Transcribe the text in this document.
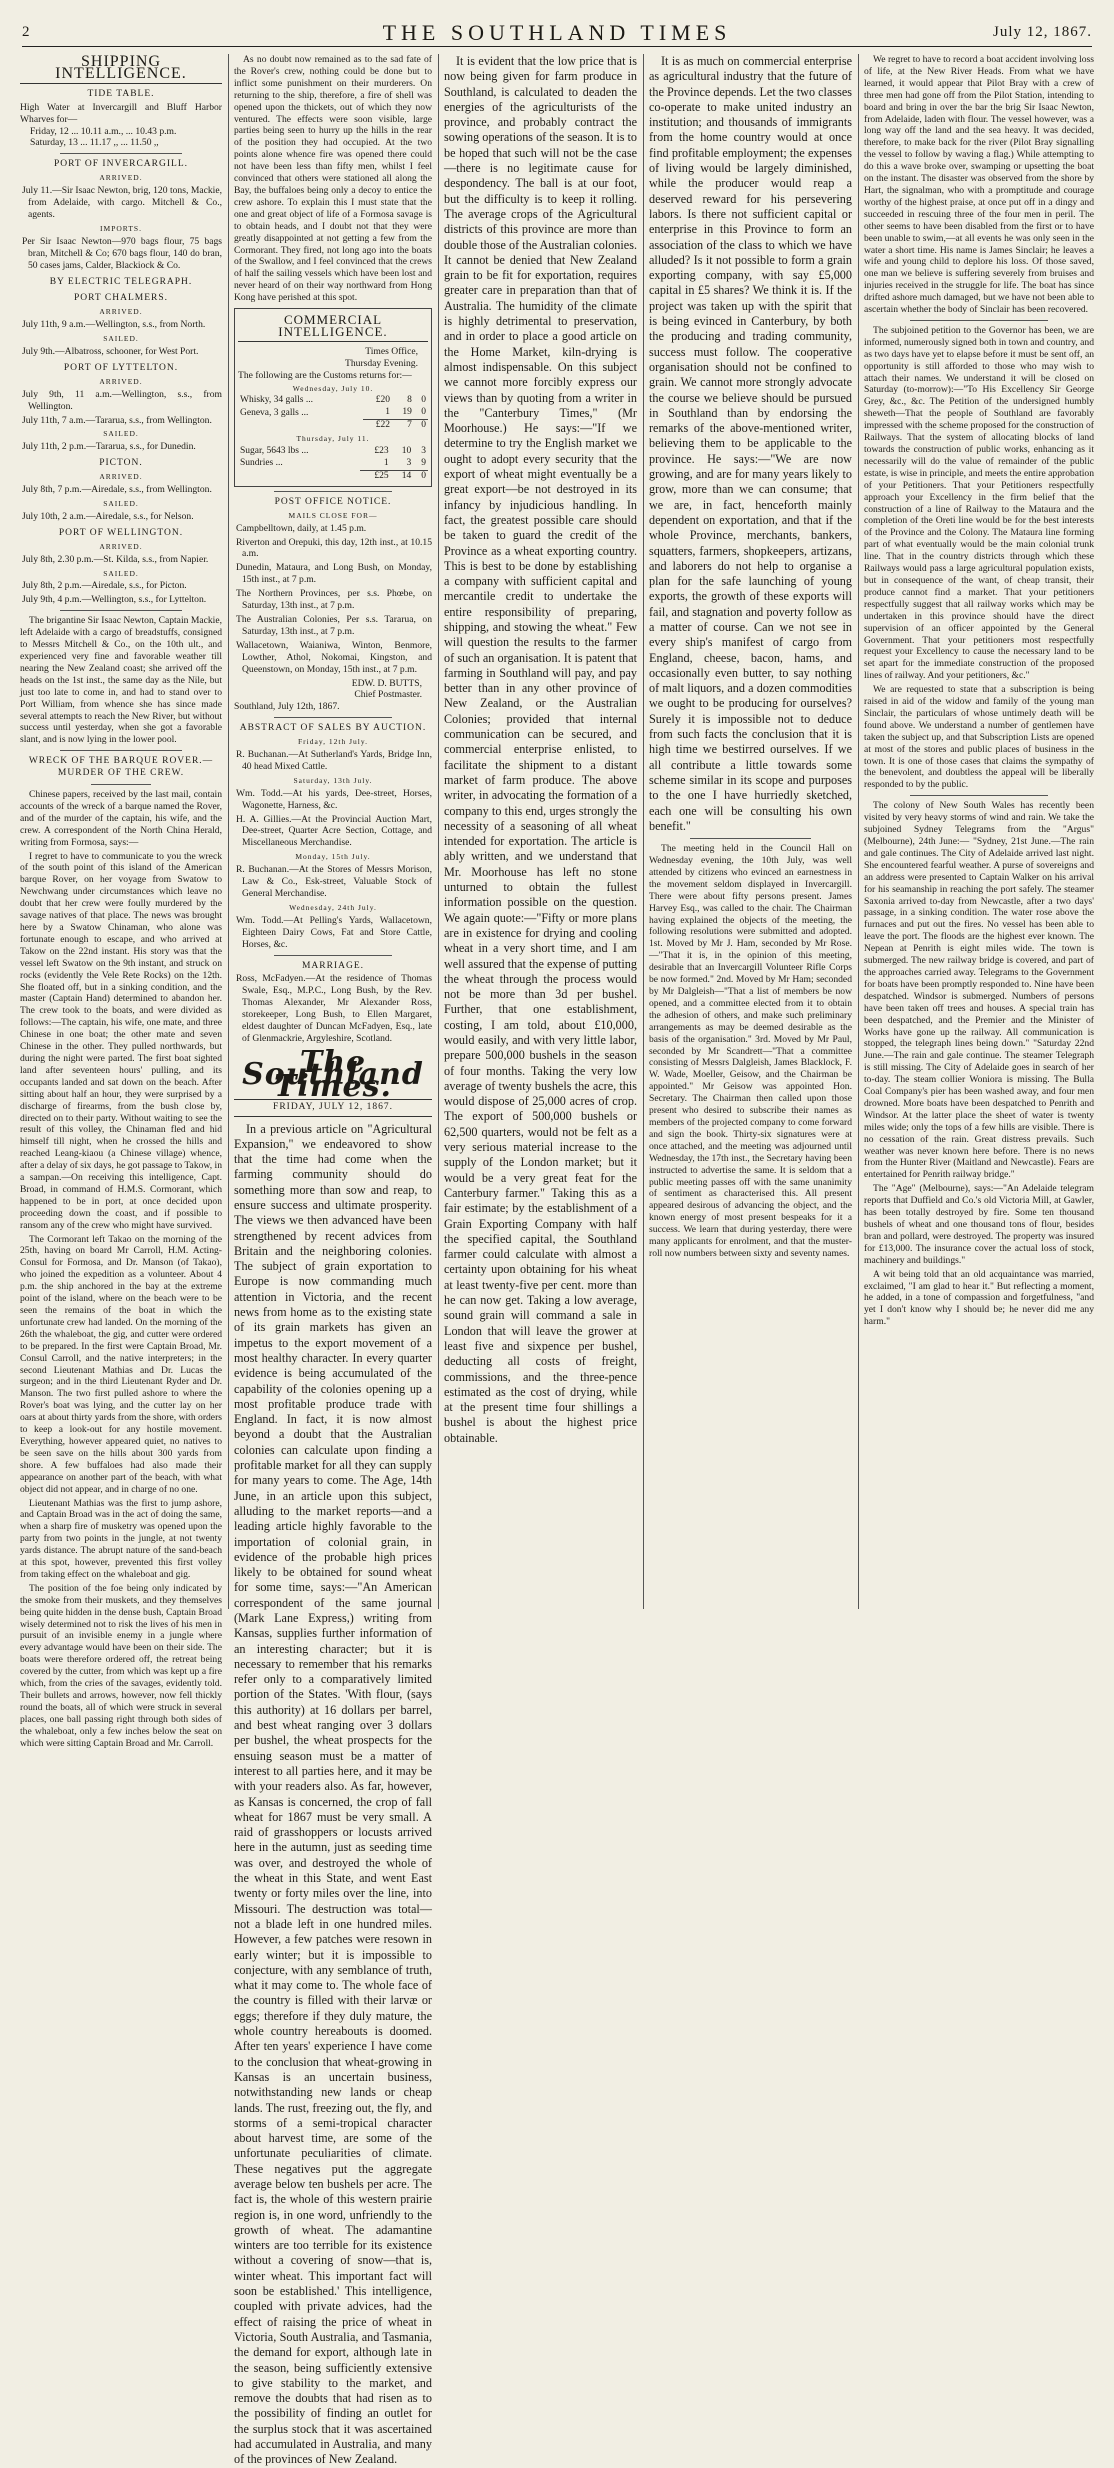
2	THE SOUTHLAND TIMES	July 12, 1867.
SHIPPING INTELLIGENCE.
TIDE TABLE.
High Water at Invercargill and Bluff Harbor Wharves for—
Friday, 12 ... 10.11 a.m., ... 10.43 p.m.
Saturday, 13 ... 11.17 ,, ... 11.50 ,,
PORT OF INVERCARGILL.
ARRIVED.
July 11.—Sir Isaac Newton, brig, 120 tons, Mackie, from Adelaide, with cargo. Mitchell & Co., agents.
IMPORTS.
Per Sir Isaac Newton—970 bags flour, 75 bags bran, Mitchell & Co; 670 bags flour, 140 do bran, 50 cases jams, Calder, Blackiock & Co.
BY ELECTRIC TELEGRAPH.
PORT CHALMERS.
ARRIVED.
July 11th, 9 a.m.—Wellington, s.s., from North.
SAILED.
July 9th.—Albatross, schooner, for West Port.
PORT OF LYTTELTON.
ARRIVED.
July 9th, 11 a.m.—Wellington, s.s., from Wellington.
July 11th, 7 a.m.—Tararua, s.s., from Wellington.
SAILED.
July 11th, 2 p.m.—Tararua, s.s., for Dunedin.
PICTON.
ARRIVED.
July 8th, 7 p.m.—Airedale, s.s., from Wellington.
SAILED.
July 10th, 2 a.m.—Airedale, s.s., for Nelson.
PORT OF WELLINGTON.
ARRIVED.
July 8th, 2.30 p.m.—St. Kilda, s.s., from Napier.
SAILED.
July 8th, 2 p.m.—Airedale, s.s., for Picton.
July 9th, 4 p.m.—Wellington, s.s., for Lyttelton.

The brigantine Sir Isaac Newton, Captain Mackie, left Adelaide with a cargo of breadstuffs, consigned to Messrs Mitchell & Co., on the 10th ult., and experienced very fine and favorable weather till nearing the New Zealand coast; she arrived off the heads on the 1st inst., the same day as the Nile, but just too late to come in, and had to stand over to Port William, from whence she has since made several attempts to reach the New River, but without success until yesterday, when she got a favorable slant, and is now lying in the lower pool.

WRECK OF THE BARQUE ROVER.—MURDER OF THE CREW.

Chinese papers, received by the last mail, contain accounts of the wreck of a barque named the Rover, and of the murder of the captain, his wife, and the crew. A correspondent of the North China Herald, writing from Formosa, says:—

I regret to have to communicate to you the wreck of the south point of this island of the American barque Rover, on her voyage from Swatow to Newchwang under circumstances which leave no doubt that her crew were foully murdered by the savage natives of that place. The news was brought here by a Swatow Chinaman, who alone was fortunate enough to escape, and who arrived at Takow on the 22nd instant. His story was that the vessel left Swatow on the 9th instant, and struck on rocks (evidently the Vele Rete Rocks) on the 12th. She floated off, but in a sinking condition, and the master (Captain Hand) determined to abandon her. The crew took to the boats, and were divided as follows:—The captain, his wife, one mate, and three Chinese in one boat; the other mate and seven Chinese in the other. They pulled northwards, but during the night were parted. The first boat sighted land after seventeen hours' pulling, and its occupants landed and sat down on the beach. After sitting about half an hour, they were surprised by a discharge of firearms, from the bush close by, directed on to their party. Without waiting to see the result of this volley, the Chinaman fled and hid himself till night, when he crossed the hills and reached Leang-kiaou (a Chinese village) whence, after a delay of six days, he got passage to Takow, in a sampan.—On receiving this intelligence, Capt. Broad, in command of H.M.S. Cormorant, which happened to be in port, at once decided upon proceeding down the coast, and if possible to ransom any of the crew who might have survived.

The Cormorant left Takao on the morning of the 25th, having on board Mr Carroll, H.M. Acting-Consul for Formosa, and Dr. Manson (of Takao), who joined the expedition as a volunteer. About 4 p.m. the ship anchored in the bay at the extreme point of the island, where on the beach were to be seen the remains of the boat in which the unfortunate crew had landed. On the morning of the 26th the whaleboat, the gig, and cutter were ordered to be prepared. In the first were Captain Broad, Mr. Consul Carroll, and the native interpreters; in the second Lieutenant Mathias and Dr. Lucas the surgeon; and in the third Lieutenant Ryder and Dr. Manson. The two first pulled ashore to where the Rover's boat was lying, and the cutter lay on her oars at about thirty yards from the shore, with orders to keep a look-out for any hostile movement. Everything, however appeared quiet, no natives to be seen save on the hills about 300 yards from shore. A few buffaloes had also made their appearance on another part of the beach, with what object did not appear, and in charge of no one.

Lieutenant Mathias was the first to jump ashore, and Captain Broad was in the act of doing the same, when a sharp fire of musketry was opened upon the party from two points in the jungle, at not twenty yards distance. The abrupt nature of the sand-beach at this spot, however, prevented this first volley from taking effect on the whaleboat and gig.

The position of the foe being only indicated by the smoke from their muskets, and they themselves being quite hidden in the dense bush, Captain Broad wisely determined not to risk the lives of his men in pursuit of an invisible enemy in a jungle where every advantage would have been on their side. The boats were therefore ordered off, the retreat being covered by the cutter, from which was kept up a fire which, from the cries of the savages, evidently told. Their bullets and arrows, however, now fell thickly round the boats, all of which were struck in several places, one ball passing right through both sides of the whaleboat, only a few inches below the seat on which were sitting Captain Broad and Mr. Carroll.

As no doubt now remained as to the sad fate of the Rover's crew, nothing could be done but to inflict some punishment on their murderers. On returning to the ship, therefore, a fire of shell was opened upon the thickets, out of which they now ventured. The effects were soon visible, large parties being seen to hurry up the hills in the rear of the position they had occupied. At the two points alone whence fire was opened there could not have been less than fifty men, whilst I feel convinced that others were stationed all along the Bay, the buffaloes being only a decoy to entice the crew ashore. To explain this I must state that the one and great object of life of a Formosa savage is to obtain heads, and I doubt not that they were greatly disappointed at not getting a few from the Cormorant. They fired, not long ago into the boats of the Swallow, and I feel convinced that the crews of half the sailing vessels which have been lost and never heard of on their way northward from Hong Kong have perished at this spot.

COMMERCIAL INTELLIGENCE.
Times Office,
Thursday Evening.
The following are the Customs returns for:—
Wednesday, July 10.
Whisky, 34 galls ...	£20	8	0
Geneva, 3 galls ...	1	19	0
	£22	7	0
Thursday, July 11.
Sugar, 5643 lbs ...	£23	10	3
Sundries ...	1	3	9
	£25	14	0
POST OFFICE NOTICE.
MAILS CLOSE FOR—
Campbelltown, daily, at 1.45 p.m.
Riverton and Orepuki, this day, 12th inst., at 10.15 a.m.
Dunedin, Mataura, and Long Bush, on Monday, 15th inst., at 7 p.m.
The Northern Provinces, per s.s. Phœbe, on Saturday, 13th inst., at 7 p.m.
The Australian Colonies, Per s.s. Tararua, on Saturday, 13th inst., at 7 p.m.
Wallacetown, Waianiwa, Winton, Benmore, Lowther, Athol, Nokomai, Kingston, and Queenstown, on Monday, 15th inst., at 7 p.m.
EDW. D. BUTTS,
Chief Postmaster.
Southland, July 12th, 1867.
ABSTRACT OF SALES BY AUCTION.
Friday, 12th July.
R. Buchanan.—At Sutherland's Yards, Bridge Inn, 40 head Mixed Cattle.
Saturday, 13th July.
Wm. Todd.—At his yards, Dee-street, Horses, Wagonette, Harness, &c.
H. A. Gillies.—At the Provincial Auction Mart, Dee-street, Quarter Acre Section, Cottage, and Miscellaneous Merchandise.
Monday, 15th July.
R. Buchanan.—At the Stores of Messrs Morison, Law & Co., Esk-street, Valuable Stock of General Merchandise.
Wednesday, 24th July.
Wm. Todd.—At Pelling's Yards, Wallacetown, Eighteen Dairy Cows, Fat and Store Cattle, Horses, &c.
MARRIAGE.
Ross, McFadyen.—At the residence of Thomas Swale, Esq., M.P.C., Long Bush, by the Rev. Thomas Alexander, Mr Alexander Ross, storekeeper, Long Bush, to Ellen Margaret, eldest daughter of Duncan McFadyen, Esq., late of Glenmackrie, Argyleshire, Scotland.
The Southland Times.
FRIDAY, JULY 12, 1867.

In a previous article on "Agricultural Expansion," we endeavored to show that the time had come when the farming community should do something more than sow and reap, to ensure success and ultimate prosperity. The views we then advanced have been strengthened by recent advices from Britain and the neighboring colonies. The subject of grain exportation to Europe is now commanding much attention in Victoria, and the recent news from home as to the existing state of its grain markets has given an impetus to the export movement of a most healthy character. In every quarter evidence is being accumulated of the capability of the colonies opening up a most profitable produce trade with England. In fact, it is now almost beyond a doubt that the Australian colonies can calculate upon finding a profitable market for all they can supply for many years to come. The Age, 14th June, in an article upon this subject, alluding to the market reports—and a leading article highly favorable to the importation of colonial grain, in evidence of the probable high prices likely to be obtained for sound wheat for some time, says:—"An American correspondent of the same journal (Mark Lane Express,) writing from Kansas, supplies further information of an interesting character; but it is necessary to remember that his remarks refer only to a comparatively limited portion of the States. 'With flour, (says this authority) at 16 dollars per barrel, and best wheat ranging over 3 dollars per bushel, the wheat prospects for the ensuing season must be a matter of interest to all parties here, and it may be with your readers also. As far, however, as Kansas is concerned, the crop of fall wheat for 1867 must be very small. A raid of grasshoppers or locusts arrived here in the autumn, just as seeding time was over, and destroyed the whole of the wheat in this State, and went East twenty or forty miles over the line, into Missouri. The destruction was total—not a blade left in one hundred miles. However, a few patches were resown in early winter; but it is impossible to conjecture, with any semblance of truth, what it may come to. The whole face of the country is filled with their larvæ or eggs; therefore if they duly mature, the whole country hereabouts is doomed. After ten years' experience I have come to the conclusion that wheat-growing in Kansas is an uncertain business, notwithstanding new lands or cheap lands. The rust, freezing out, the fly, and storms of a semi-tropical character about harvest time, are some of the unfortunate peculiarities of climate. These negatives put the aggregate average below ten bushels per acre. The fact is, the whole of this western prairie region is, in one word, unfriendly to the growth of wheat. The adamantine winters are too terrible for its existence without a covering of snow—that is, winter wheat. This important fact will soon be established.' This intelligence, coupled with private advices, had the effect of raising the price of wheat in Victoria, South Australia, and Tasmania, the demand for export, although late in the season, being sufficiently extensive to give stability to the market, and remove the doubts that had risen as to the possibility of finding an outlet for the surplus stock that it was ascertained had accumulated in Australia, and many of the provinces of New Zealand.

It is evident that the low price that is now being given for farm produce in Southland, is calculated to deaden the energies of the agriculturists of the province, and probably contract the sowing operations of the season. It is to be hoped that such will not be the case—there is no legitimate cause for despondency. The ball is at our foot, but the difficulty is to keep it rolling. The average crops of the Agricultural districts of this province are more than double those of the Australian colonies. It cannot be denied that New Zealand grain to be fit for exportation, requires greater care in preparation than that of Australia. The humidity of the climate is highly detrimental to preservation, and in order to place a good article on the Home Market, kiln-drying is almost indispensable. On this subject we cannot more forcibly express our views than by quoting from a writer in the "Canterbury Times," (Mr Moorhouse.) He says:—"If we determine to try the English market we ought to adopt every security that the export of wheat might eventually be a great export—be not destroyed in its infancy by injudicious handling. In fact, the greatest possible care should be taken to guard the credit of the Province as a wheat exporting country. This is best to be done by establishing a company with sufficient capital and mercantile credit to undertake the entire responsibility of preparing, shipping, and stowing the wheat." Few will question the results to the farmer of such an organisation. It is patent that farming in Southland will pay, and pay better than in any other province of New Zealand, or the Australian Colonies; provided that internal communication can be secured, and commercial enterprise enlisted, to facilitate the shipment to a distant market of farm produce. The above writer, in advocating the formation of a company to this end, urges strongly the necessity of a seasoning of all wheat intended for exportation. The article is ably written, and we understand that Mr. Moorhouse has left no stone unturned to obtain the fullest information possible on the question. We again quote:—"Fifty or more plans are in existence for drying and cooling wheat in a very short time, and I am well assured that the expense of putting the wheat through the process would not be more than 3d per bushel. Further, that one establishment, costing, I am told, about £10,000, would easily, and with very little labor, prepare 500,000 bushels in the season of four months. Taking the very low average of twenty bushels the acre, this would dispose of 25,000 acres of crop. The export of 500,000 bushels or 62,500 quarters, would not be felt as a very serious material increase to the supply of the London market; but it would be a very great feat for the Canterbury farmer." Taking this as a fair estimate; by the establishment of a Grain Exporting Company with half the specified capital, the Southland farmer could calculate with almost a certainty upon obtaining for his wheat at least twenty-five per cent. more than he can now get. Taking a low average, sound grain will command a sale in London that will leave the grower at least five and sixpence per bushel, deducting all costs of freight, commissions, and the three-pence estimated as the cost of drying, while at the present time four shillings a bushel is about the highest price obtainable.

It is as much on commercial enterprise as agricultural industry that the future of the Province depends. Let the two classes co-operate to make united industry an institution; and thousands of immigrants from the home country would at once find profitable employment; the expenses of living would be largely diminished, while the producer would reap a deserved reward for his persevering labors. Is there not sufficient capital or enterprise in this Province to form an association of the class to which we have alluded? Is it not possible to form a grain exporting company, with say £5,000 capital in £5 shares? We think it is. If the project was taken up with the spirit that is being evinced in Canterbury, by both the producing and trading community, success must follow. The cooperative organisation should not be confined to grain. We cannot more strongly advocate the course we believe should be pursued in Southland than by endorsing the remarks of the above-mentioned writer, believing them to be applicable to the province. He says:—"We are now growing, and are for many years likely to grow, more than we can consume; that we are, in fact, henceforth mainly dependent on exportation, and that if the whole Province, merchants, bankers, squatters, farmers, shopkeepers, artizans, and laborers do not help to organise a plan for the safe launching of young exports, the growth of these exports will fail, and stagnation and poverty follow as a matter of course. Can we not see in every ship's manifest of cargo from England, cheese, bacon, hams, and occasionally even butter, to say nothing of malt liquors, and a dozen commodities we ought to be producing for ourselves? Surely it is impossible not to deduce from such facts the conclusion that it is high time we bestirred ourselves. If we all contribute a little towards some scheme similar in its scope and purposes to the one I have hurriedly sketched, each one will be consulting his own benefit."

The meeting held in the Council Hall on Wednesday evening, the 10th July, was well attended by citizens who evinced an earnestness in the movement seldom displayed in Invercargill. There were about fifty persons present. James Harvey Esq., was called to the chair. The Chairman having explained the objects of the meeting, the following resolutions were submitted and adopted. 1st. Moved by Mr J. Ham, seconded by Mr Rose.—"That it is, in the opinion of this meeting, desirable that an Invercargill Volunteer Rifle Corps be now formed." 2nd. Moved by Mr Ham; seconded by Mr Dalgleish—"That a list of members be now opened, and a committee elected from it to obtain the adhesion of others, and make such preliminary arrangements as may be deemed desirable as the basis of the organisation." 3rd. Moved by Mr Paul, seconded by Mr Scandrett—"That a committee consisting of Messrs Dalgleish, James Blacklock, F. W. Wade, Moeller, Geisow, and the Chairman be appointed." Mr Geisow was appointed Hon. Secretary. The Chairman then called upon those present who desired to subscribe their names as members of the projected company to come forward and sign the book. Thirty-six signatures were at once attached, and the meeting was adjourned until Wednesday, the 17th inst., the Secretary having been instructed to advertise the same. It is seldom that a public meeting passes off with the same unanimity of sentiment as characterised this. All present appeared desirous of advancing the object, and the known energy of most present bespeaks for it a success. We learn that during yesterday, there were many applicants for enrolment, and that the muster-roll now numbers between sixty and seventy names.

We regret to have to record a boat accident involving loss of life, at the New River Heads. From what we have learned, it would appear that Pilot Bray with a crew of three men had gone off from the Pilot Station, intending to board and bring in over the bar the brig Sir Isaac Newton, from Adelaide, laden with flour. The vessel however, was a long way off the land and the sea heavy. It was decided, therefore, to make back for the river (Pilot Bray signalling the vessel to follow by waving a flag.) While attempting to do this a wave broke over, swamping or upsetting the boat on the instant. The disaster was observed from the shore by Hart, the signalman, who with a promptitude and courage worthy of the highest praise, at once put off in a dingy and succeeded in rescuing three of the four men in peril. The other seems to have been disabled from the first or to have been unable to swim,—at all events he was only seen in the water a short time. His name is James Sinclair; he leaves a wife and young child to deplore his loss. Of those saved, one man we believe is suffering severely from bruises and injuries received in the struggle for life. The boat has since drifted ashore much damaged, but we have not been able to ascertain whether the body of Sinclair has been recovered.

The subjoined petition to the Governor has been, we are informed, numerously signed both in town and country, and as two days have yet to elapse before it must be sent off, an opportunity is still afforded to those who may wish to attach their names. We understand it will be closed on Saturday (to-morrow):—"To His Excellency Sir George Grey, &c., &c. The Petition of the undersigned humbly sheweth—That the people of Southland are favorably impressed with the scheme proposed for the construction of Railways. That the system of allocating blocks of land towards the construction of public works, enhancing as it necessarily will do the value of remainder of the public estate, is wise in principle, and meets the entire approbation of your Petitioners. That your Petitioners respectfully approach your Excellency in the firm belief that the construction of a line of Railway to the Mataura and the completion of the Oreti line would be for the best interests of the Province and the Colony. The Mataura line forming part of what eventually would be the main colonial trunk line. That in the country districts through which these Railways would pass a large agricultural population exists, but in consequence of the want, of cheap transit, their produce cannot find a market. That your petitioners respectfully suggest that all railway works which may be undertaken in this province should have the direct supervision of an officer appointed by the General Government. That your petitioners most respectfully request your Excellency to cause the necessary land to be set apart for the immediate construction of the proposed lines of railway. And your petitioners, &c."

We are requested to state that a subscription is being raised in aid of the widow and family of the young man Sinclair, the particulars of whose untimely death will be found above. We understand a number of gentlemen have taken the subject up, and that Subscription Lists are opened at most of the stores and public places of business in the town. It is one of those cases that claims the sympathy of the benevolent, and doubtless the appeal will be liberally responded to by the public.

The colony of New South Wales has recently been visited by very heavy storms of wind and rain. We take the subjoined Sydney Telegrams from the "Argus" (Melbourne), 24th June:— "Sydney, 21st June.—The rain and gale continues. The City of Adelaide arrived last night. She encountered fearful weather. A purse of sovereigns and an address were presented to Captain Walker on his arrival for his seamanship in reaching the port safely. The steamer Saxonia arrived to-day from Newcastle, after a two days' passage, in a sinking condition. The water rose above the furnaces and put out the fires. No vessel has been able to leave the port. The floods are the highest ever known. The Nepean at Penrith is eight miles wide. The town is submerged. The new railway bridge is covered, and part of the approaches carried away. Telegrams to the Government for boats have been promptly responded to. Nine have been despatched. Windsor is submerged. Numbers of persons have been taken off trees and houses. A special train has been despatched, and the Premier and the Minister of Works have gone up the railway. All communication is stopped, the telegraph lines being down." "Saturday 22nd June.—The rain and gale continue. The steamer Telegraph is still missing. The City of Adelaide goes in search of her to-day. The steam collier Woniora is missing. The Bulla Coal Company's pier has been washed away, and four men drowned. More boats have been despatched to Penrith and Windsor. At the latter place the sheet of water is twenty miles wide; only the tops of a few hills are visible. There is no cessation of the rain. Great distress prevails. Such weather was never known here before. There is no news from the Hunter River (Maitland and Newcastle). Fears are entertained for Penrith railway bridge."

The "Age" (Melbourne), says:—"An Adelaide telegram reports that Duffield and Co.'s old Victoria Mill, at Gawler, has been totally destroyed by fire. Some ten thousand bushels of wheat and one thousand tons of flour, besides bran and pollard, were destroyed. The property was insured for £13,000. The insurance cover the actual loss of stock, machinery and buildings."

A wit being told that an old acquaintance was married, exclaimed, "I am glad to hear it." But reflecting a moment, he added, in a tone of compassion and forgetfulness, "and yet I don't know why I should be; he never did me any harm."
